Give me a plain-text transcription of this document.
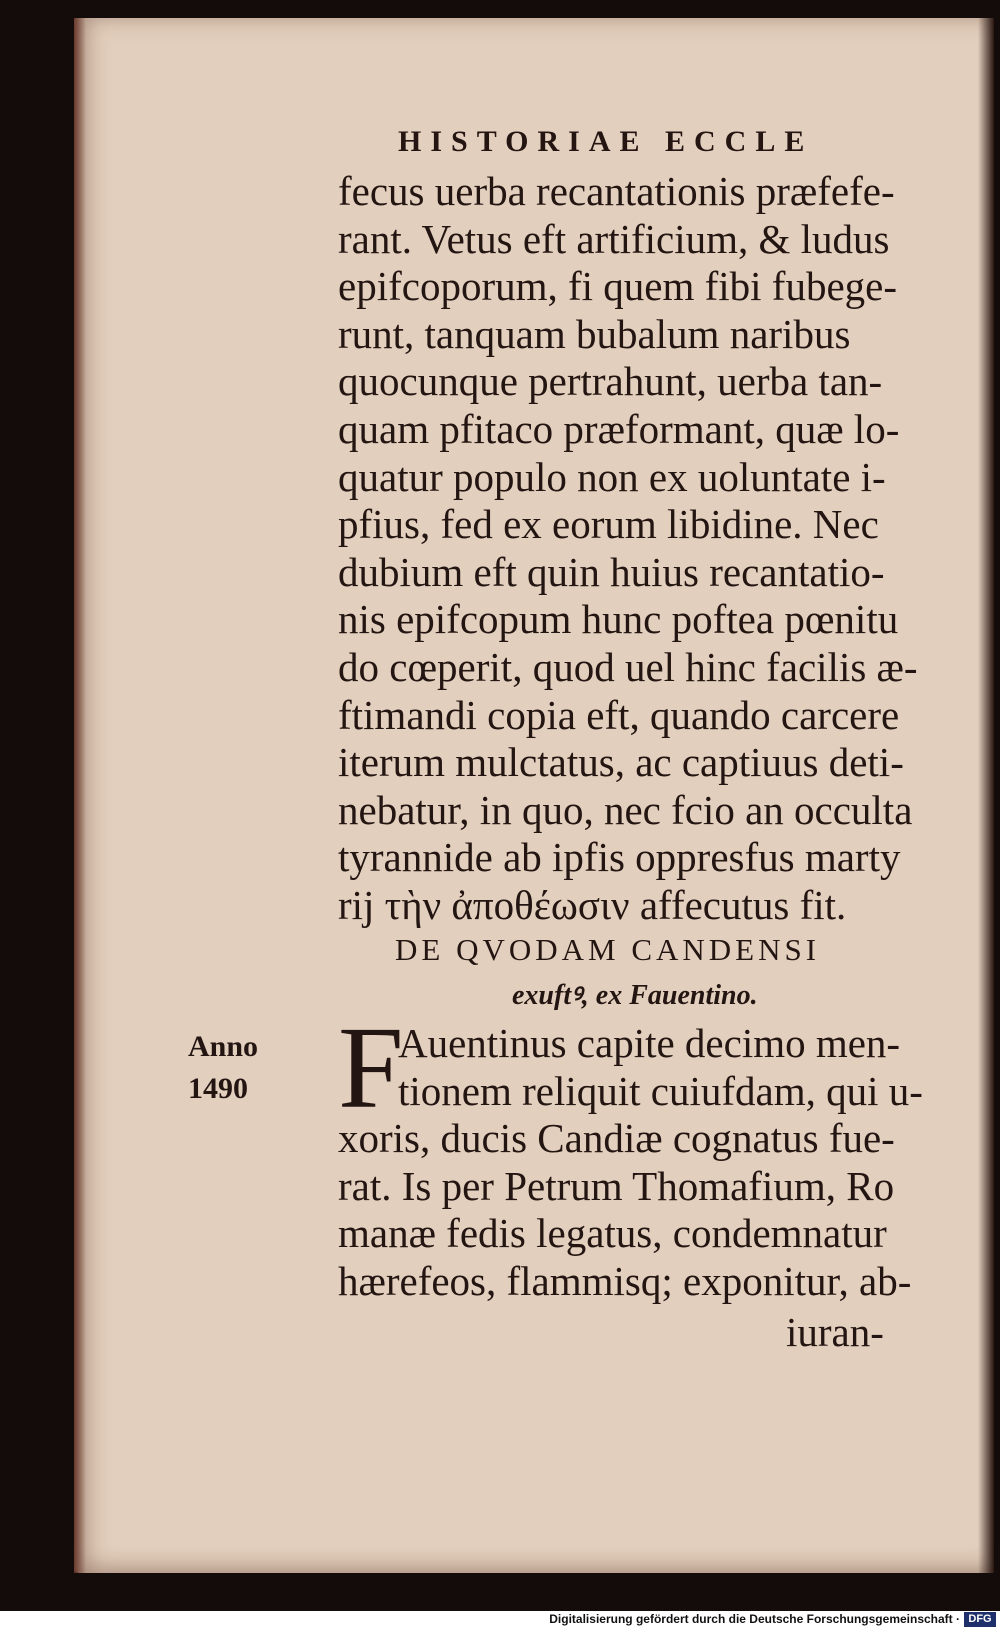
HISTORIAE ECCLE
fecus uerba recantationis præfefe-
rant. Vetus eft artificium, & ludus
epifcoporum, fi quem fibi fubege-
runt, tanquam bubalum naribus
quocunque pertrahunt, uerba tan-
quam pfitaco præformant, quæ lo-
quatur populo non ex uoluntate i-
pfius, fed ex eorum libidine. Nec
dubium eft quin huius recantatio-
nis epifcopum hunc poftea pœnitu
do cœperit, quod uel hinc facilis æ-
ftimandi copia eft, quando carcere
iterum mulctatus, ac captiuus deti-
nebatur, in quo, nec fcio an occulta
tyrannide ab ipfis oppresfus marty
rij τὴν ἀποθέωσιν affecutus fit.
DE QVODAM CANDENSI
exuftꝰ, ex Fauentino.
Anno
1490 F
Auentinus capite decimo men-
tionem reliquit cuiufdam, qui u-
xoris, ducis Candiæ cognatus fue-
rat. Is per Petrum Thomafium, Ro
manæ fedis legatus, condemnatur
hærefeos, flammisq; exponitur, ab-
iuran-
Digitalisierung gefördert durch die Deutsche Forschungsgemeinschaft · DFG
